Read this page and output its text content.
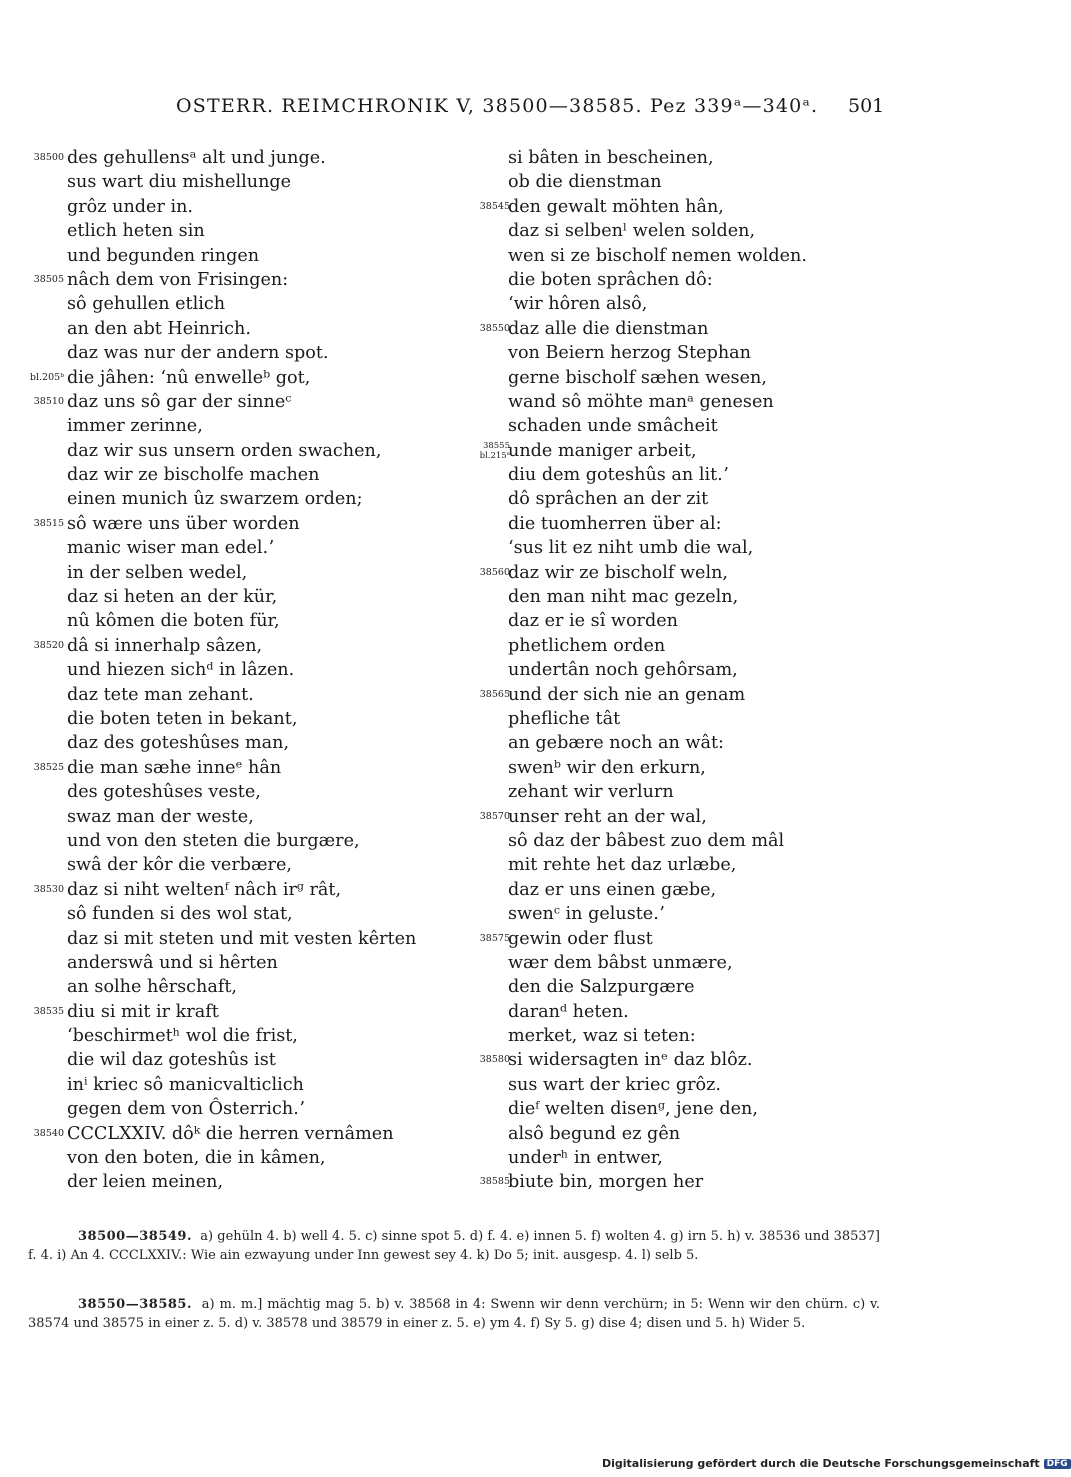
OSTERR. REIMCHRONIK V, 38500—38585. Pez 339ᵃ—340ᵃ. 501
38500 des gehullensᵃ alt und junge.
sus wart diu mishellunge
grôz under in.
etlich heten sin
und begunden ringen
38505 nâch dem von Frisingen:
sô gehullen etlich
an den abt Heinrich.
daz was nur der andern spot.
bl.205ᵇ die jâhen: ʻnû enwelleᵇ got,
38510 daz uns sô gar der sinneᶜ
immer zerinne,
daz wir sus unsern orden swachen,
daz wir ze bischolfe machen
einen munich ûz swarzem orden;
38515 sô wære uns über worden
manic wiser man edel.ʼ
in der selben wedel,
daz si heten an der kür,
nû kômen die boten für,
38520 dâ si innerhalp sâzen,
und hiezen sichᵈ in lâzen.
daz tete man zehant.
die boten teten in bekant,
daz des goteshûses man,
38525 die man sæhe inneᵉ hân
des goteshûses veste,
swaz man der weste,
und von den steten die burgære,
swâ der kôr die verbære,
38530 daz si niht weltenᶠ nâch irᵍ rât,
sô funden si des wol stat,
daz si mit steten und mit vesten kêrten
anderswâ und si hêrten
an solhe hêrschaft,
38535 diu si mit ir kraft
ʻbeschirmetʰ wol die frist,
die wil daz goteshûs ist
inⁱ kriec sô manicvalticlich
gegen dem von Ôsterrich.ʼ
38540 CCCLXXIV. dôᵏ die herren vernâmen
von den boten, die in kâmen,
der leien meinen,
si bâten in bescheinen,
ob die dienstman
38545
den gewalt möhten hân,
daz si selbenˡ welen solden,
wen si ze bischolf nemen wolden.
die boten sprâchen dô:
ʻwir hôren alsô,
38550
daz alle die dienstman
von Beiern herzog Stephan
gerne bischolf sæhen wesen,
wand sô möhte manᵃ genesen
schaden unde smâcheit
38555 bl.215ᵃ
unde maniger arbeit,
diu dem goteshûs an lit.ʼ
dô sprâchen an der zit
die tuomherren über al:
ʻsus lit ez niht umb die wal,
38560
daz wir ze bischolf weln,
den man niht mac gezeln,
daz er ie sî worden
phetlichem orden
undertân noch gehôrsam,
38565
und der sich nie an genam
phefliche tât
an gebære noch an wât:
swenᵇ wir den erkurn,
zehant wir verlurn
38570
unser reht an der wal,
sô daz der bâbest zuo dem mâl
mit rehte het daz urlæbe,
daz er uns einen gæbe,
swenᶜ in geluste.ʼ
38575
gewin oder flust
wær dem bâbst unmære,
den die Salzpurgære
daranᵈ heten.
merket, waz si teten:
38580
si widersagten inᵉ daz blôz.
sus wart der kriec grôz.
dieᶠ welten disenᵍ, jene den,
alsô begund ez gên
underʰ in entwer,
38585
biute bin, morgen her

38500—38549. a) gehüln 4. b) well 4. 5. c) sinne spot 5. d) f. 4. e) innen 5. f) wolten 4. g) irn 5. h) v. 38536 und 38537] f. 4. i) An 4. CCCLXXIV.: Wie ain ezwayung under Inn gewest sey 4. k) Do 5; init. ausgesp. 4. l) selb 5.

38550—38585. a) m. m.] mächtig mag 5. b) v. 38568 in 4: Swenn wir denn verchürn; in 5: Wenn wir den chürn. c) v. 38574 und 38575 in einer z. 5. d) v. 38578 und 38579 in einer z. 5. e) ym 4. f) Sy 5. g) dise 4; disen und 5. h) Wider 5.

Digitalisierung gefördert durch die Deutsche Forschungsgemeinschaft DFG
